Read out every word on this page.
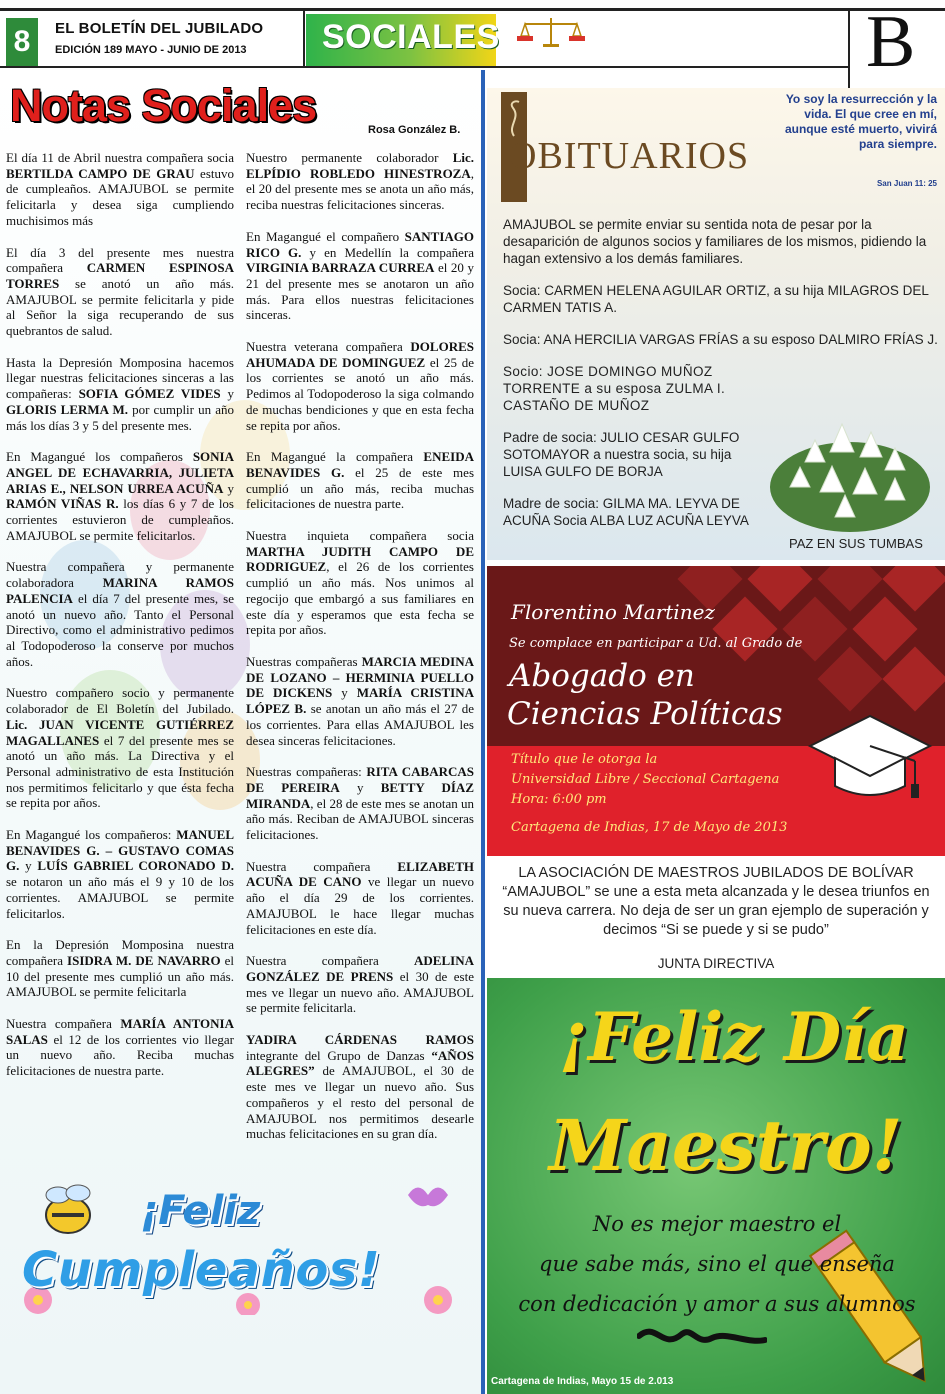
8	EL BOLETÍN DEL JUBILADO
EDICIÓN 189 MAYO - JUNIO DE 2013 SOCIALES	B
Notas Sociales	Rosa González B.

El día 11 de Abril nuestra compañera socia BERTILDA CAMPO DE GRAU estuvo de cumpleaños. AMAJUBOL se permite felicitarla y desea siga cumpliendo muchisimos más

El día 3 del presente mes nuestra compañera CARMEN ESPINOSA TORRES se anotó un año más. AMAJUBOL se permite felicitarla y pide al Señor la siga recuperando de sus quebrantos de salud.

Hasta la Depresión Momposina hacemos llegar nuestras felicitaciones sinceras a las compañeras: SOFIA GÓMEZ VIDES y GLORIS LERMA M. por cumplir un año más los días 3 y 5 del presente mes.

En Magangué los compañeros SONIA ANGEL DE ECHAVARRIA, JULIETA ARIAS E., NELSON URREA ACUÑA y RAMÓN VIÑAS R. los días 6 y 7 de los corrientes estuvieron de cumpleaños. AMAJUBOL se permite felicitarlos.

Nuestra compañera y permanente colaboradora MARINA RAMOS PALENCIA el día 7 del presente mes, se anotó un nuevo año. Tanto el Personal Directivo, como el administrativo pedimos al Todopoderoso la conserve por muchos años.

Nuestro compañero socio y permanente colaborador de El Boletín del Jubilado. Lic. JUAN VICENTE GUTIÉRREZ MAGALLANES el 7 del presente mes se anotó un año más. La Directiva y el Personal administrativo de esta Institución nos permitimos felicitarlo y que ésta fecha se repita por años.

En Magangué los compañeros: MANUEL BENAVIDES G. – GUSTAVO COMAS G. y LUÍS GABRIEL CORONADO D. se notaron un año más el 9 y 10 de los corrientes. AMAJUBOL se permite felicitarlos.

En la Depresión Momposina nuestra compañera ISIDRA M. DE NAVARRO el 10 del presente mes cumplió un año más. AMAJUBOL se permite felicitarla

Nuestra compañera MARÍA ANTONIA SALAS el 12 de los corrientes vio llegar un nuevo año. Reciba muchas felicitaciones de nuestra parte.

Nuestro permanente colaborador Lic. ELPÍDIO ROBLEDO HINESTROZA, el 20 del presente mes se anota un año más, reciba nuestras felicitaciones sinceras.

En Magangué el compañero SANTIAGO RICO G. y en Medellín la compañera VIRGINIA BARRAZA CURREA el 20 y 21 del presente mes se anotaron un año más. Para ellos nuestras felicitaciones sinceras.

Nuestra veterana compañera DOLORES AHUMADA DE DOMINGUEZ el 25 de los corrientes se anotó un año más. Pedimos al Todopoderoso la siga colmando de muchas bendiciones y que en esta fecha se repita por años.

En Magangué la compañera ENEIDA BENAVIDES G. el 25 de este mes cumplió un año más, reciba muchas felicitaciones de nuestra parte.

Nuestra inquieta compañera socia MARTHA JUDITH CAMPO DE RODRIGUEZ, el 26 de los corrientes cumplió un año más. Nos unimos al regocijo que embargó a sus familiares en este día y esperamos que esta fecha se repita por años.

Nuestras compañeras MARCIA MEDINA DE LOZANO – HERMINIA PUELLO DE DICKENS y MARÍA CRISTINA LÓPEZ B. se anotan un año más el 27 de los corrientes. Para ellas AMAJUBOL les desea sinceras felicitaciones.

Nuestras compañeras: RITA CABARCAS DE PEREIRA y BETTY DÍAZ MIRANDA, el 28 de este mes se anotan un año más. Reciban de AMAJUBOL sinceras felicitaciones.

Nuestra compañera ELIZABETH ACUÑA DE CANO ve llegar un nuevo año el día 29 de los corrientes. AMAJUBOL le hace llegar muchas felicitaciones en este día.

Nuestra compañera ADELINA GONZÁLEZ DE PRENS el 30 de este mes ve llegar un nuevo año. AMAJUBOL se permite felicitarla.

YADIRA CÁRDENAS RAMOS integrante del Grupo de Danzas “AÑOS ALEGRES” de AMAJUBOL, el 30 de este mes ve llegar un nuevo año. Sus compañeros y el resto del personal de AMAJUBOL nos permitimos desearle muchas felicitaciones en su gran día.

¡Feliz
Cumpleaños!
OBITUARIOS
Yo soy la resurrección y la vida. El que cree en mí, aunque esté muerto, vivirá para siempre.
San Juan 11: 25

AMAJUBOL se permite enviar su sentida nota de pesar por la desaparición de algunos socios y familiares de los mismos, pidiendo la hagan extensivo a los demás familiares.

Socia: CARMEN HELENA AGUILAR ORTIZ, a su hija MILAGROS DEL CARMEN TATIS A.

Socia: ANA HERCILIA VARGAS FRÍAS a su esposo DALMIRO FRÍAS J.

Socio: JOSE DOMINGO MUÑOZ TORRENTE a su esposa ZULMA I. CASTAÑO DE MUÑOZ

Padre de socia: JULIO CESAR GULFO SOTOMAYOR a nuestra socia, su hija LUISA GULFO DE BORJA

Madre de socia: GILMA MA. LEYVA DE ACUÑA Socia ALBA LUZ ACUÑA LEYVA

PAZ EN SUS TUMBAS
Florentino Martinez
Se complace en participar a Ud. al Grado de
Abogado en
Ciencias Políticas
Título que le otorga la
Universidad Libre / Seccional Cartagena
Hora: 6:00 pm
Cartagena de Indias, 17 de Mayo de 2013
LA ASOCIACIÓN DE MAESTROS JUBILADOS DE BOLÍVAR “AMAJUBOL” se une a esta meta alcanzada y le desea triunfos en su nueva carrera. No deja de ser un gran ejemplo de superación y decimos “Si se puede y si se pudo”
JUNTA DIRECTIVA
¡Feliz Día
Maestro!
No es mejor maestro el
que sabe más, sino el que enseña
con dedicación y amor a sus alumnos
Cartagena de Indias, Mayo 15 de 2.013
